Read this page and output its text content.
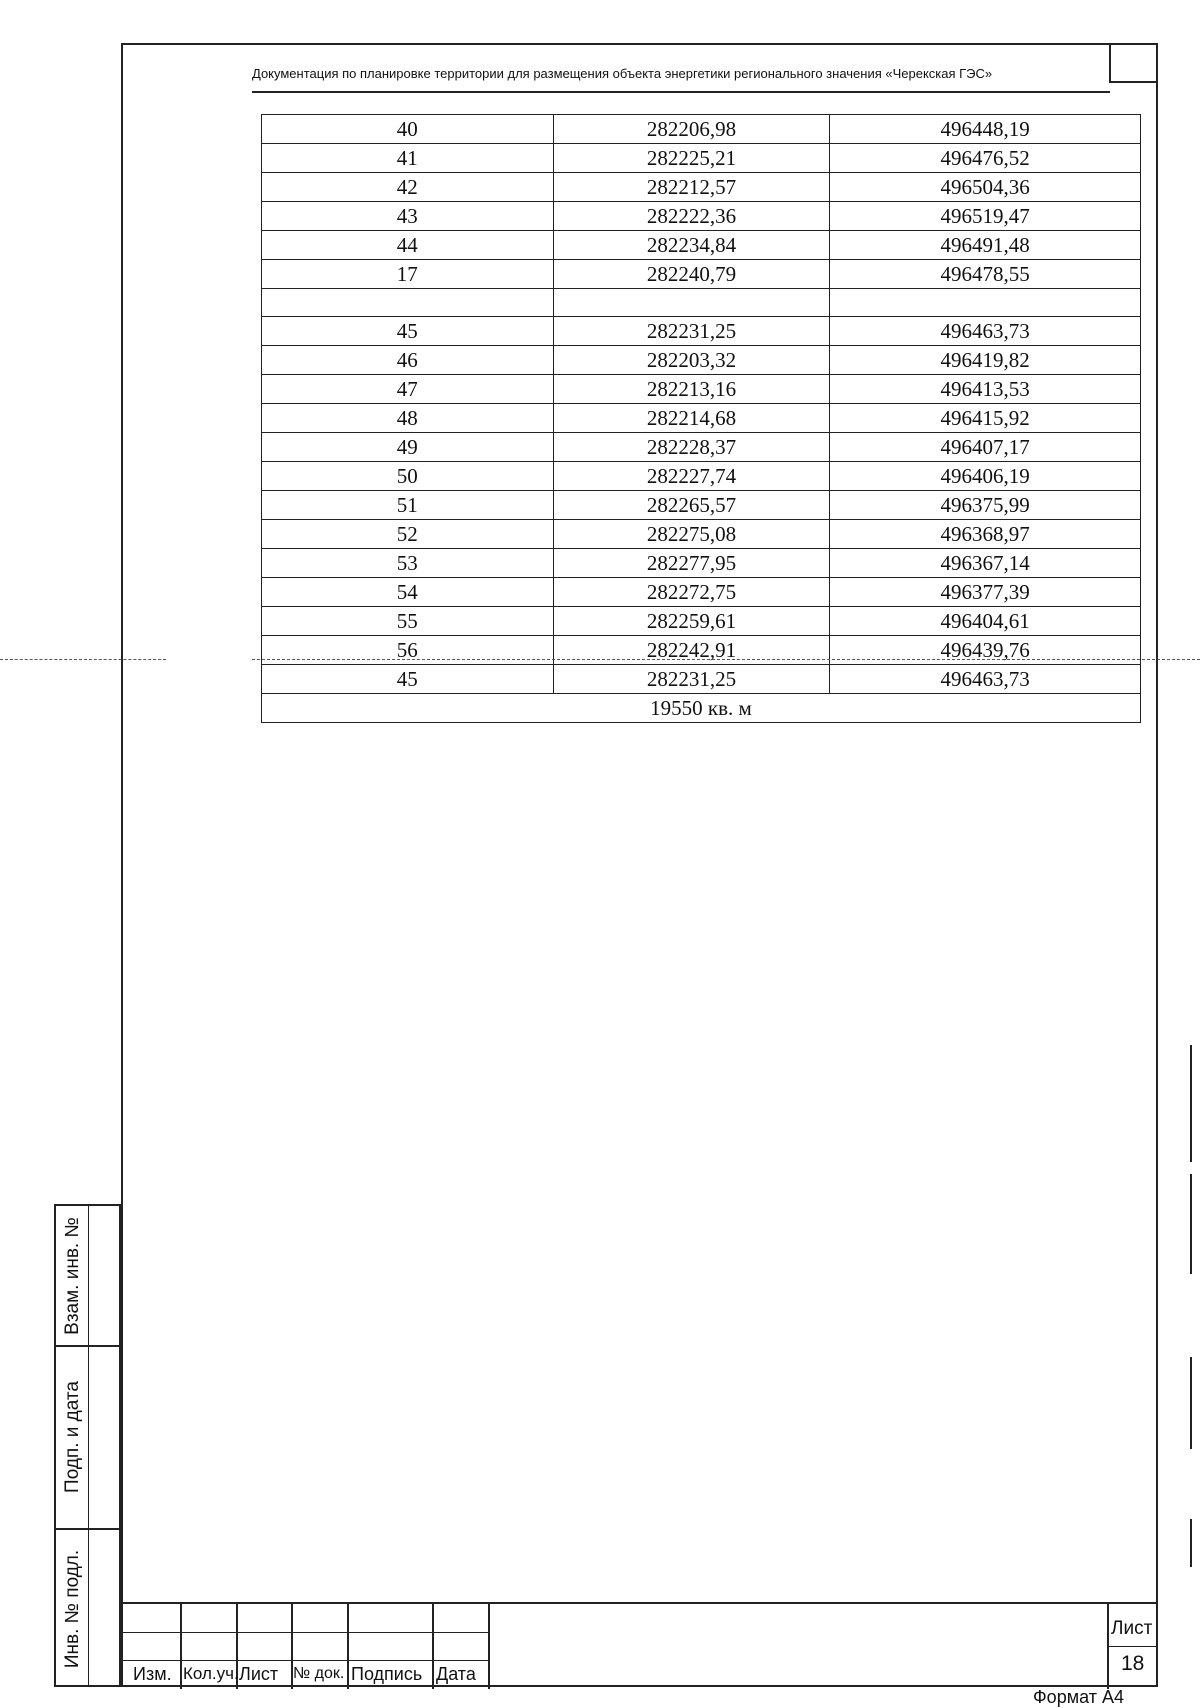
Документация по планировке территории для размещения объекта энергетики регионального значения «Черекская ГЭС»
40	282206,98	496448,19
41	282225,21	496476,52
42	282212,57	496504,36
43	282222,36	496519,47
44	282234,84	496491,48
17	282240,79	496478,55

45	282231,25	496463,73
46	282203,32	496419,82
47	282213,16	496413,53
48	282214,68	496415,92
49	282228,37	496407,17
50	282227,74	496406,19
51	282265,57	496375,99
52	282275,08	496368,97
53	282277,95	496367,14
54	282272,75	496377,39
55	282259,61	496404,61
56	282242,91	496439,76
45	282231,25	496463,73
19550 кв. м		
Взам. инв. №
Подп. и дата
Инв. № подл.
Изм. Кол.уч. Лист № док. Подпись Дата
Лист
18
Формат А4
